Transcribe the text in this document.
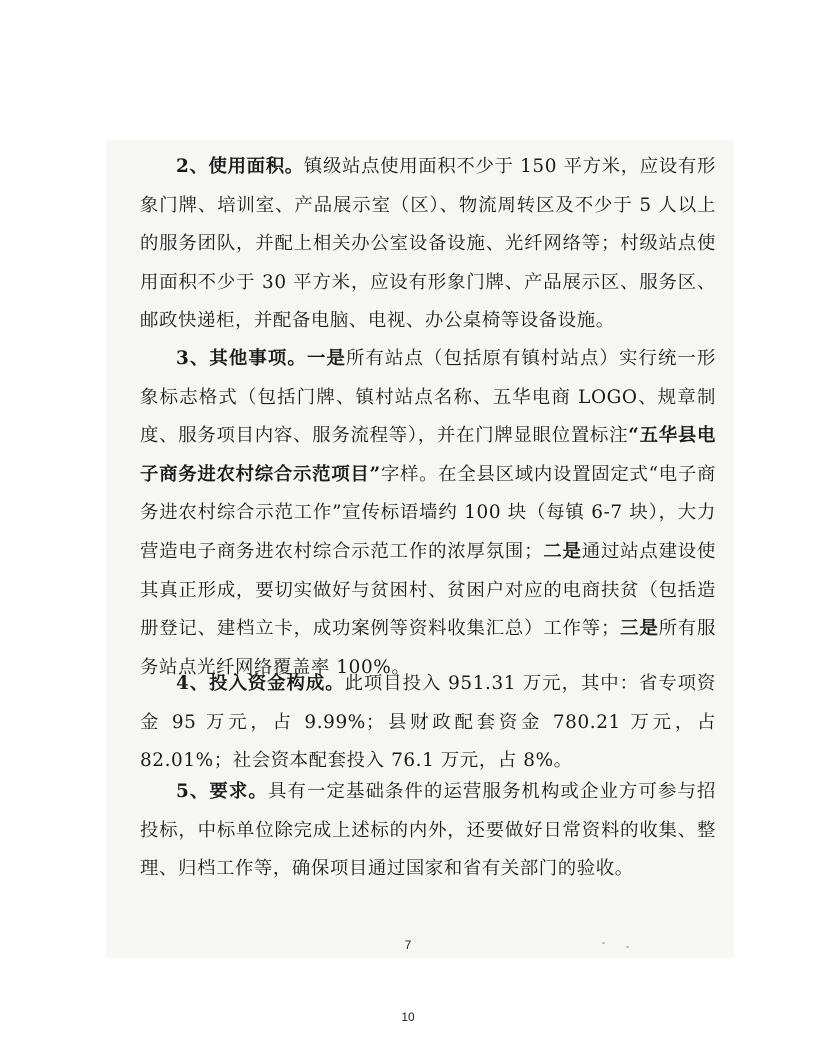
2、使用面积。镇级站点使用面积不少于 150 平方米，应设有形象门牌、培训室、产品展示室（区）、物流周转区及不少于 5 人以上的服务团队，并配上相关办公室设备设施、光纤网络等；村级站点使用面积不少于 30 平方米，应设有形象门牌、产品展示区、服务区、邮政快递柜，并配备电脑、电视、办公桌椅等设备设施。

3、其他事项。一是所有站点（包括原有镇村站点）实行统一形象标志格式（包括门牌、镇村站点名称、五华电商 LOGO、规章制度、服务项目内容、服务流程等），并在门牌显眼位置标注“五华县电子商务进农村综合示范项目”字样。在全县区域内设置固定式“电子商务进农村综合示范工作”宣传标语墙约 100 块（每镇 6-7 块），大力营造电子商务进农村综合示范工作的浓厚氛围；二是通过站点建设使其真正形成，要切实做好与贫困村、贫困户对应的电商扶贫（包括造册登记、建档立卡，成功案例等资料收集汇总）工作等；三是所有服务站点光纤网络覆盖率 100%。

4、投入资金构成。此项目投入 951.31 万元，其中：省专项资金 95 万元，占 9.99%；县财政配套资金 780.21 万元，占 82.01%；社会资本配套投入 76.1 万元，占 8%。

5、要求。具有一定基础条件的运营服务机构或企业方可参与招投标，中标单位除完成上述标的内外，还要做好日常资料的收集、整理、归档工作等，确保项目通过国家和省有关部门的验收。

7
10
